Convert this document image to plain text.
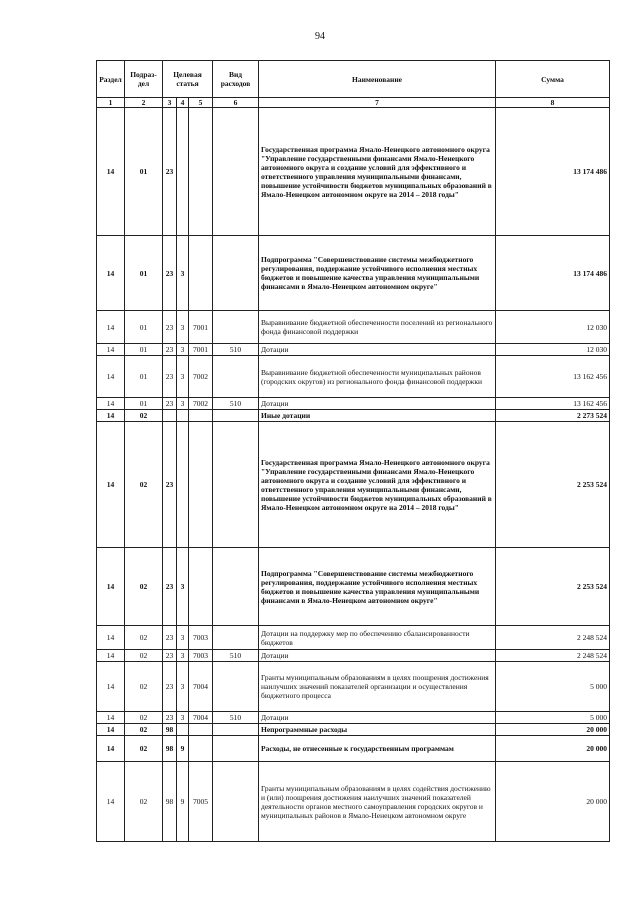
94
Раздел	Подраз-дел	Целевая статья			Вид расходов	Наименование	Сумма
1	2	3	4	5	6	7	8
14	01	23				Государственная программа Ямало-Ненецкого автономного округа "Управление государственными финансами Ямало-Ненецкого автономного округа и создание условий для эффективного и ответственного управления муниципальными финансами, повышение устойчивости бюджетов муниципальных образований в Ямало-Ненецком автономном округе на 2014 – 2018 годы"	13 174 486
14	01	23	3			Подпрограмма "Совершенствование системы межбюджетного регулирования, поддержание устойчивого исполнения местных бюджетов и повышение качества управления муниципальными финансами в Ямало-Ненецком автономном округе"	13 174 486
14	01	23	3	7001		Выравнивание бюджетной обеспеченности поселений из регионального фонда финансовой поддержки	12 030
14	01	23	3	7001	510	Дотации	12 030
14	01	23	3	7002		Выравнивание бюджетной обеспеченности муниципальных районов (городских округов) из регионального фонда финансовой поддержки	13 162 456
14	01	23	3	7002	510	Дотации	13 162 456
14	02					Иные дотации	2 273 524
14	02	23				Государственная программа Ямало-Ненецкого автономного округа "Управление государственными финансами Ямало-Ненецкого автономного округа и создание условий для эффективного и ответственного управления муниципальными финансами, повышение устойчивости бюджетов муниципальных образований в Ямало-Ненецком автономном округе на 2014 – 2018 годы"	2 253 524
14	02	23	3			Подпрограмма "Совершенствование системы межбюджетного регулирования, поддержание устойчивого исполнения местных бюджетов и повышение качества управления муниципальными финансами в Ямало-Ненецком автономном округе"	2 253 524
14	02	23	3	7003		Дотации на поддержку мер по обеспечению сбалансированности бюджетов	2 248 524
14	02	23	3	7003	510	Дотации	2 248 524
14	02	23	3	7004		Гранты муниципальным образованиям в целях поощрения достижения наилучших значений показателей организации и осуществления бюджетного процесса	5 000
14	02	23	3	7004	510	Дотации	5 000
14	02	98				Непрограммные расходы	20 000
14	02	98	9			Расходы, не отнесенные к государственным программам	20 000
14	02	98	9	7005		Гранты муниципальным образованиям в целях содействия достижению и (или) поощрения достижения наилучших значений показателей деятельности органов местного самоуправления городских округов и муниципальных районов в Ямало-Ненецком автономном округе	20 000
